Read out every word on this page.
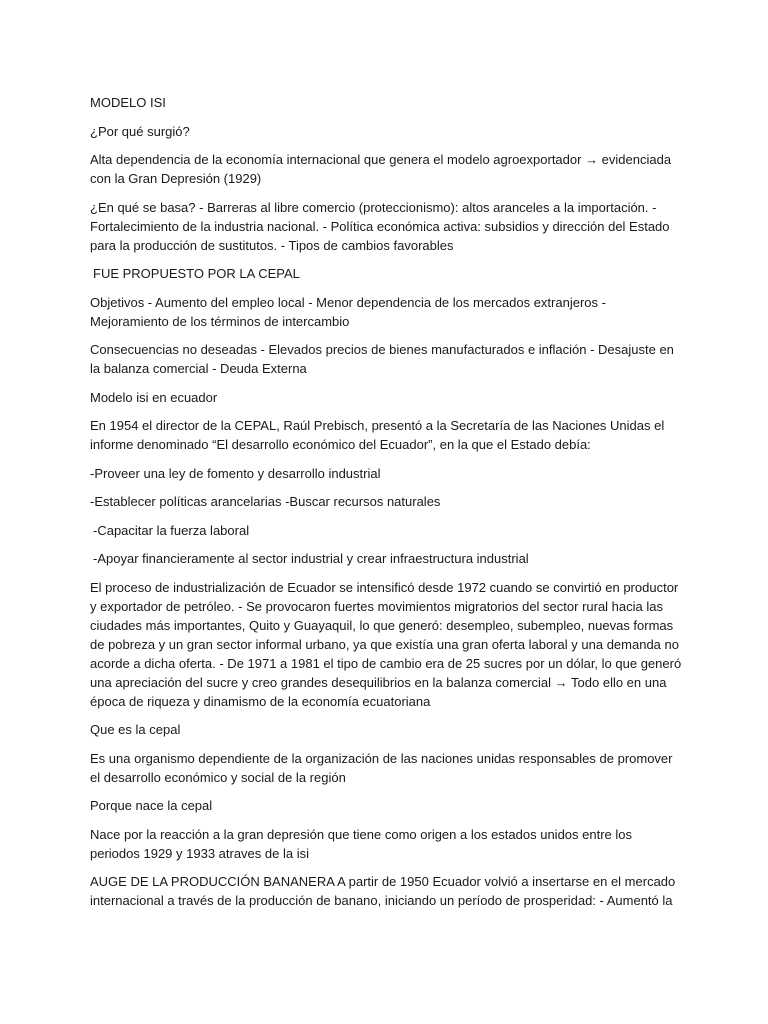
MODELO ISI

¿Por qué surgió?

Alta dependencia de la economía internacional que genera el modelo agroexportador → evidenciada con la Gran Depresión (1929)

¿En qué se basa? - Barreras al libre comercio (proteccionismo): altos aranceles a la importación. - Fortalecimiento de la industria nacional. - Política económica activa: subsidios y dirección del Estado para la producción de sustitutos. - Tipos de cambios favorables

FUE PROPUESTO POR LA CEPAL

Objetivos - Aumento del empleo local - Menor dependencia de los mercados extranjeros - Mejoramiento de los términos de intercambio

Consecuencias no deseadas - Elevados precios de bienes manufacturados e inflación - Desajuste en la balanza comercial - Deuda Externa

Modelo isi en ecuador

En 1954 el director de la CEPAL, Raúl Prebisch, presentó a la Secretaría de las Naciones Unidas el informe denominado “El desarrollo económico del Ecuador”, en la que el Estado debía:

-Proveer una ley de fomento y desarrollo industrial

-Establecer políticas arancelarias -Buscar recursos naturales

-Capacitar la fuerza laboral

-Apoyar financieramente al sector industrial y crear infraestructura industrial

El proceso de industrialización de Ecuador se intensificó desde 1972 cuando se convirtió en productor y exportador de petróleo. - Se provocaron fuertes movimientos migratorios del sector rural hacia las ciudades más importantes, Quito y Guayaquil, lo que generó: desempleo, subempleo, nuevas formas de pobreza y un gran sector informal urbano, ya que existía una gran oferta laboral y una demanda no acorde a dicha oferta. - De 1971 a 1981 el tipo de cambio era de 25 sucres por un dólar, lo que generó una apreciación del sucre y creo grandes desequilibrios en la balanza comercial → Todo ello en una época de riqueza y dinamismo de la economía ecuatoriana

Que es la cepal

Es una organismo dependiente de la organización de las naciones unidas responsables de promover el desarrollo económico y social de la región

Porque nace la cepal

Nace por la reacción a la gran depresión que tiene como origen a los estados unidos entre los periodos 1929 y 1933 atraves de la isi

AUGE DE LA PRODUCCIÓN BANANERA A partir de 1950 Ecuador volvió a insertarse en el mercado internacional a través de la producción de banano, iniciando un período de prosperidad: - Aumentó la
